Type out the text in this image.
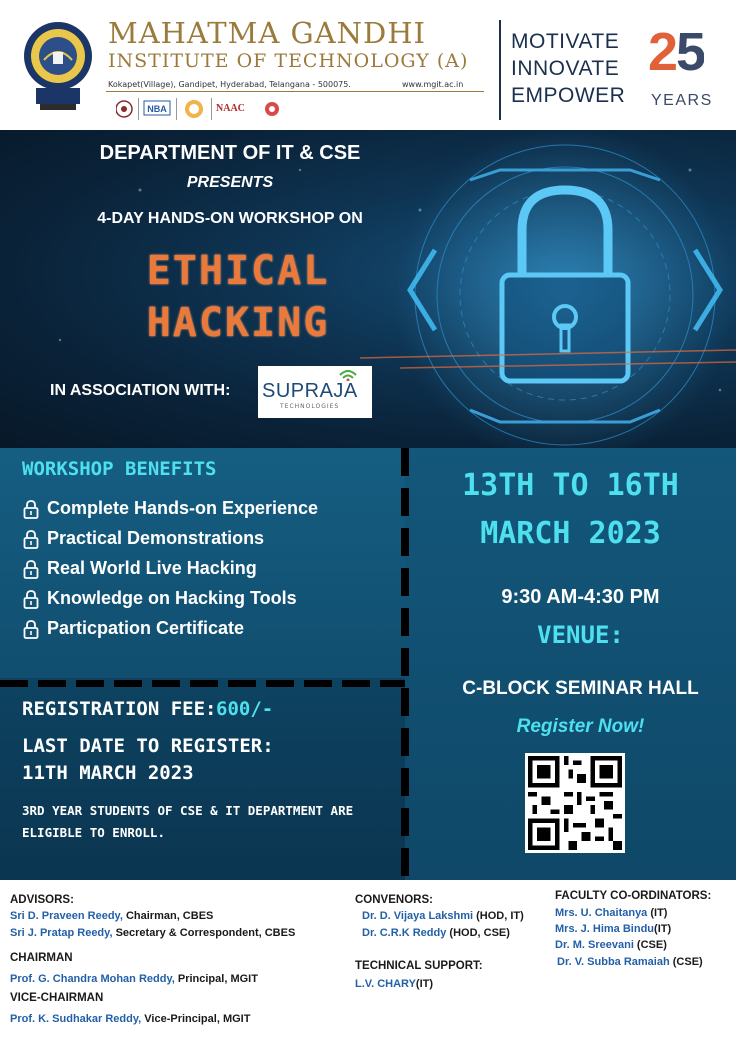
MAHATMA GANDHI
INSTITUTE OF TECHNOLOGY (A)
Kokapet(Village), Gandipet, Hyderabad, Telangana - 500075.	www.mgit.ac.in
NBA	NAAC
MOTIVATE
INNOVATE
EMPOWER
25
YEARS
DEPARTMENT OF IT & CSE
PRESENTS
4-DAY HANDS-ON WORKSHOP ON
ETHICAL
HACKING
IN ASSOCIATION WITH: SUPRAJA
TECHNOLOGIES
WORKSHOP BENEFITS
Complete Hands-on Experience
Practical Demonstrations
Real World Live Hacking
Knowledge on Hacking Tools
Particpation Certificate
REGISTRATION FEE: 600/-
LAST DATE TO REGISTER:
11TH MARCH 2023
3RD YEAR STUDENTS OF CSE & IT DEPARTMENT ARE ELIGIBLE TO ENROLL.
13TH TO 16TH
MARCH 2023
9:30 AM-4:30 PM
VENUE:
C-BLOCK SEMINAR HALL
Register Now!
ADVISORS:
Sri D. Praveen Reedy, Chairman, CBES
Sri J. Pratap Reedy, Secretary & Correspondent, CBES
CHAIRMAN
Prof. G. Chandra Mohan Reddy, Principal, MGIT
VICE-CHAIRMAN
Prof. K. Sudhakar Reddy, Vice-Principal, MGIT
CONVENORS:
Dr. D. Vijaya Lakshmi (HOD, IT)
Dr. C.R.K Reddy (HOD, CSE)
TECHNICAL SUPPORT:
L.V. CHARY(IT)
FACULTY CO-ORDINATORS:
Mrs. U. Chaitanya (IT)
Mrs. J. Hima Bindu(IT)
Dr. M. Sreevani (CSE)
Dr. V. Subba Ramaiah (CSE)
